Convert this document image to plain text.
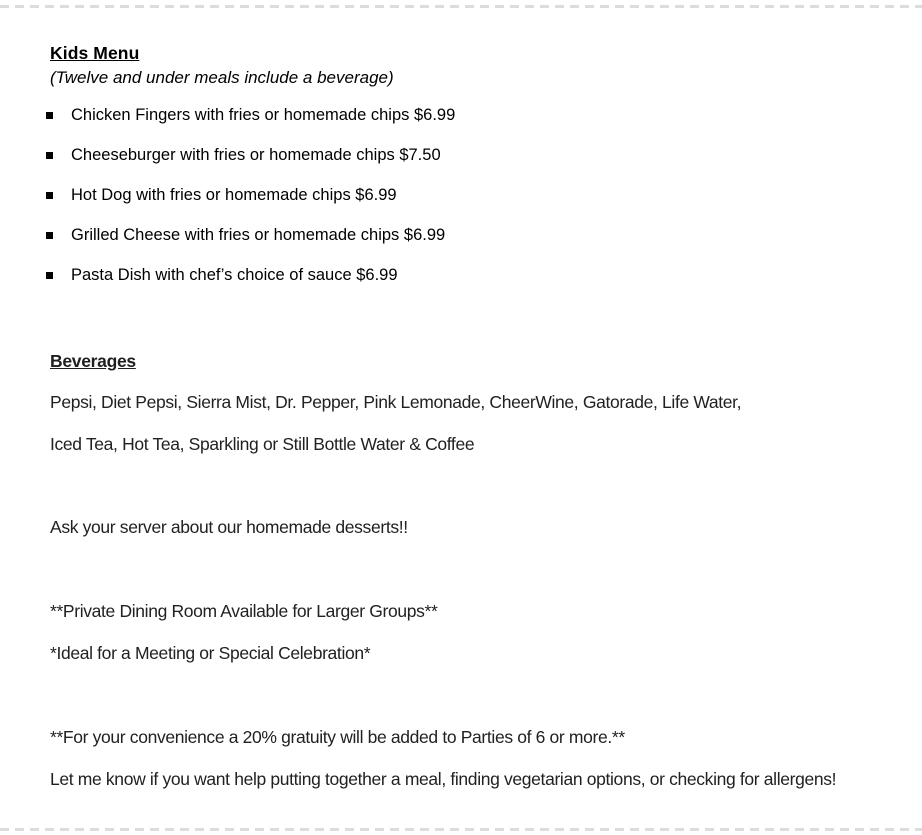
Kids Menu

(Twelve and under meals include a beverage)

Chicken Fingers with fries or homemade chips $6.99
Cheeseburger with fries or homemade chips $7.50
Hot Dog with fries or homemade chips $6.99
Grilled Cheese with fries or homemade chips $6.99
Pasta Dish with chef’s choice of sauce $6.99
Beverages

Pepsi, Diet Pepsi, Sierra Mist, Dr. Pepper, Pink Lemonade, CheerWine, Gatorade, Life Water,

Iced Tea, Hot Tea, Sparkling or Still Bottle Water & Coffee

Ask your server about our homemade desserts!!

**Private Dining Room Available for Larger Groups**

*Ideal for a Meeting or Special Celebration*

**For your convenience a 20% gratuity will be added to Parties of 6 or more.**

Let me know if you want help putting together a meal, finding vegetarian options, or checking for allergens!
